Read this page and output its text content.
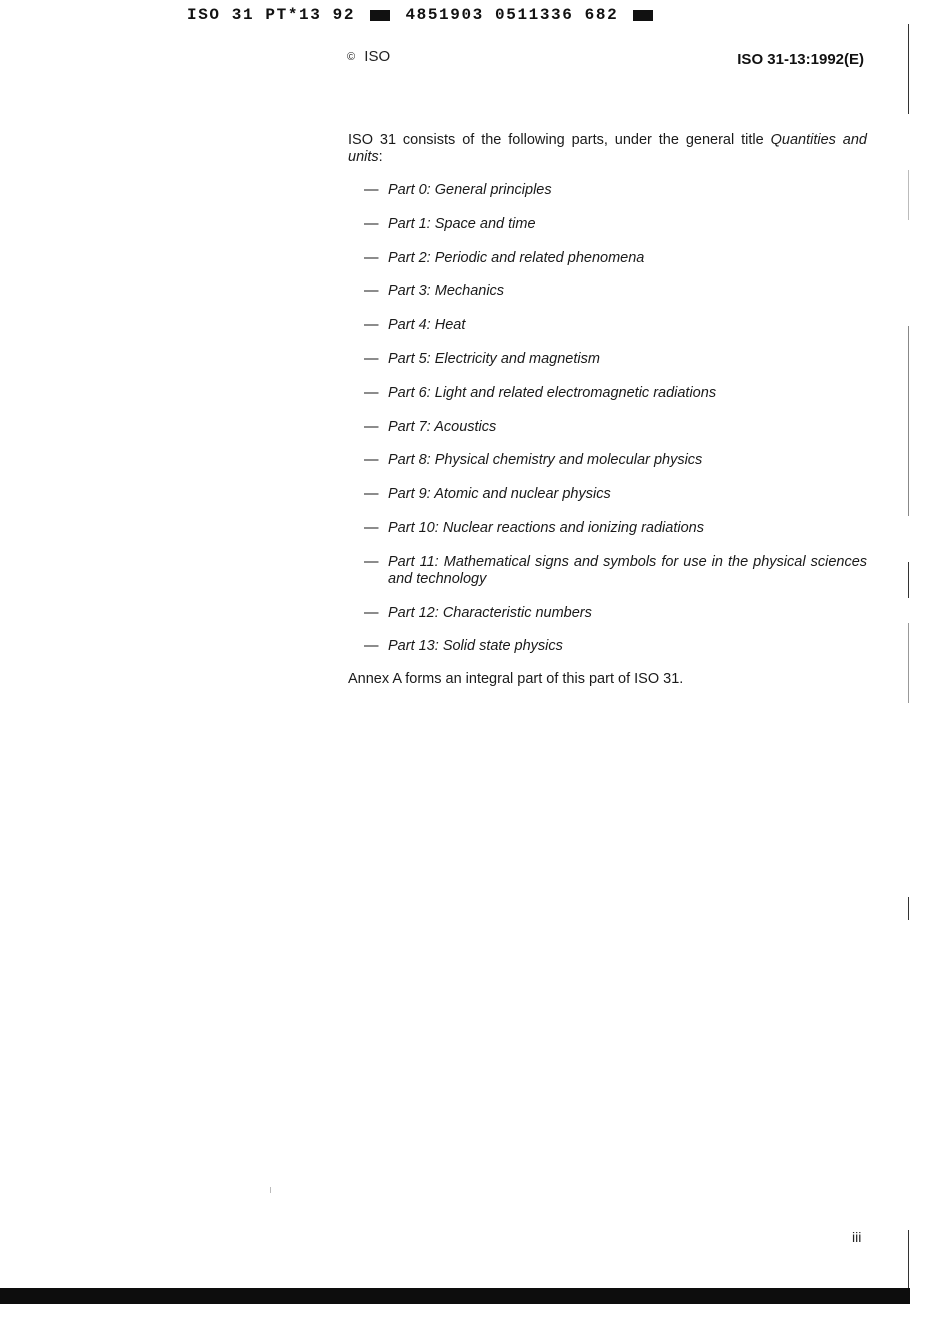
ISO 31 PT*13 92	4851903 0511336 682
© ISO	ISO 31-13:1992(E)

ISO 31 consists of the following parts, under the general title Quantities and units:

— Part 0: General principles
— Part 1: Space and time
— Part 2: Periodic and related phenomena
— Part 3: Mechanics
— Part 4: Heat
— Part 5: Electricity and magnetism
— Part 6: Light and related electromagnetic radiations
— Part 7: Acoustics
— Part 8: Physical chemistry and molecular physics
— Part 9: Atomic and nuclear physics
— Part 10: Nuclear reactions and ionizing radiations
— Part 11: Mathematical signs and symbols for use in the physical sciences and technology
— Part 12: Characteristic numbers
— Part 13: Solid state physics

Annex A forms an integral part of this part of ISO 31.

iii
